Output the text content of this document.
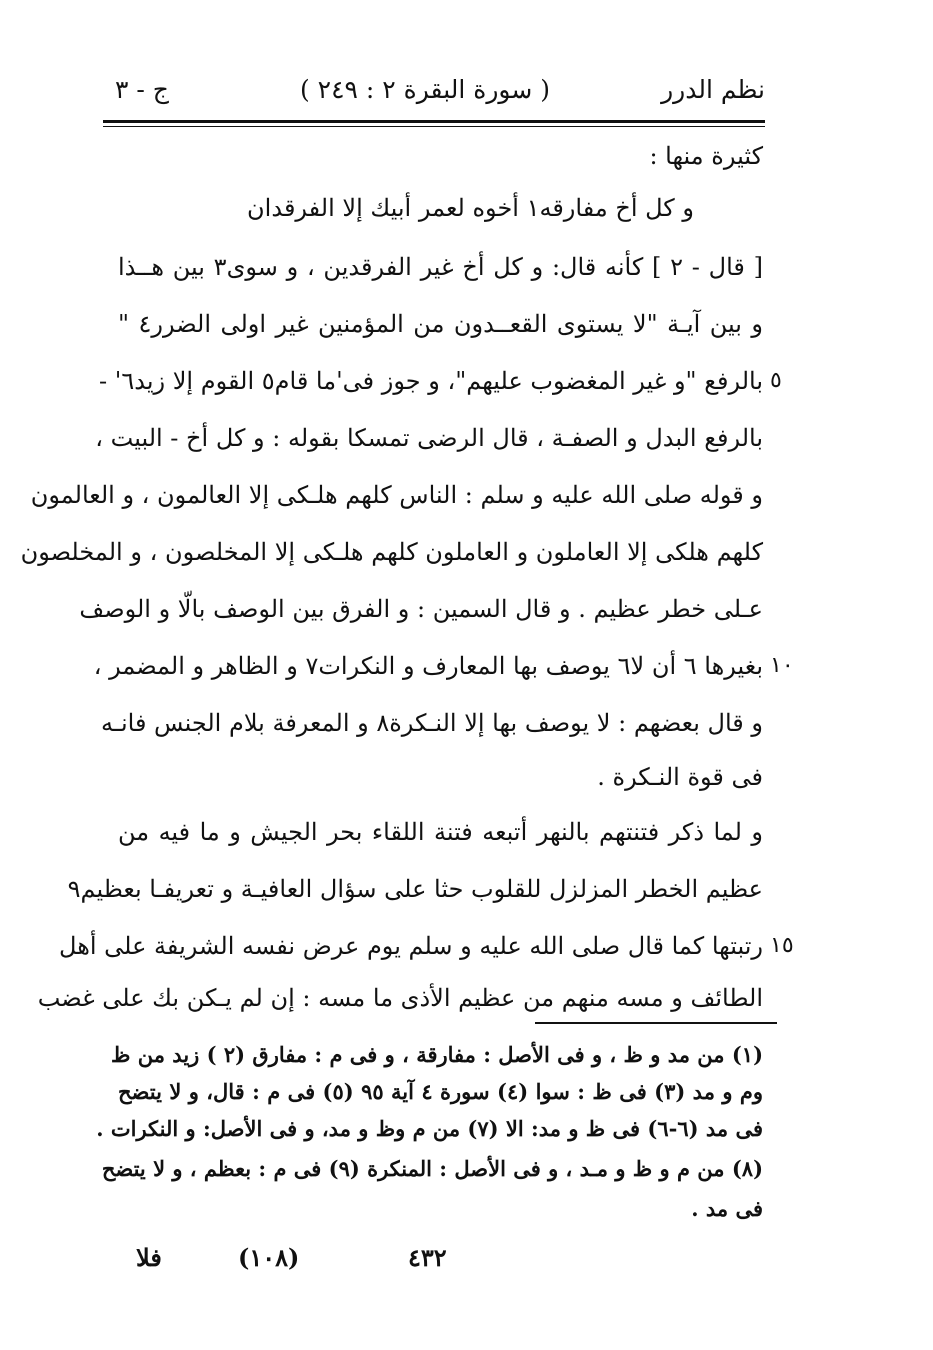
نظم الدرر
( سورة البقرة ٢ : ٢٤٩ )
ج - ٣
كثيرة منها :
و كل أخ مفارقه١ أخوه لعمر أبيك إلا الفرقدان
[ قال - ٢ ] كأنه قال: و كل أخ غير الفرقدين ، و سوى٣ بين هــذا
و بين آيـة "لا يستوى القعــدون من المؤمنين غير اولى الضرر٤ "
بالرفع "و غير المغضوب عليهم"، و جوز فى'ما قام٥ القوم إلا زيد٦' - ٥
بالرفع البدل و الصفـة ، قال الرضى تمسكا بقوله : و كل أخ - البيت ،
و قوله صلى الله عليه و سلم : الناس كلهم هلـكى إلا العالمون ، و العالمون
كلهم هلكى إلا العاملون و العاملون كلهم هلـكى إلا المخلصون ، و المخلصون
عـلى خطر عظيم . و قال السمين : و الفرق بين الوصف بالّا و الوصف
بغيرها ٦ أن لا٦ يوصف بها المعارف و النكرات٧ و الظاهر و المضمر ، ١٠
و قال بعضهم : لا يوصف بها إلا النـكرة٨ و المعرفة بلام الجنس فانـه
فى قوة النـكرة .
و لما ذكر فتنتهم بالنهر أتبعه فتنة اللقاء بحر الجيش و ما فيه من
عظيم الخطر المزلزل للقلوب حثا على سؤال العافيـة و تعريفـا بعظيم٩
رتبتها كما قال صلى الله عليه و سلم يوم عرض نفسه الشريفة على أهل ١٥
الطائف و مسه منهم من عظيم الأذى ما مسه : إن لم يـكن بك على غضب
(١) من مد و ظ ، و فى الأصل : مفارقة ، و فى م : مفارق (٢ ) زيد من ظ
وم و مد (٣) فى ظ : سوا (٤) سورة ٤ آية ٩٥ (٥) فى م : قال، و لا يتضح
فى مد (٦-٦) فى ظ و مد: الا (٧) من م وظ و مد، و فى الأصل: و النكرات .
(٨) من م و ظ و مـد ، و فى الأصل : المنكرة (٩) فى م : بعظم ، و لا يتضح
فى مد .
فلا	(١٠٨)	٤٣٢
